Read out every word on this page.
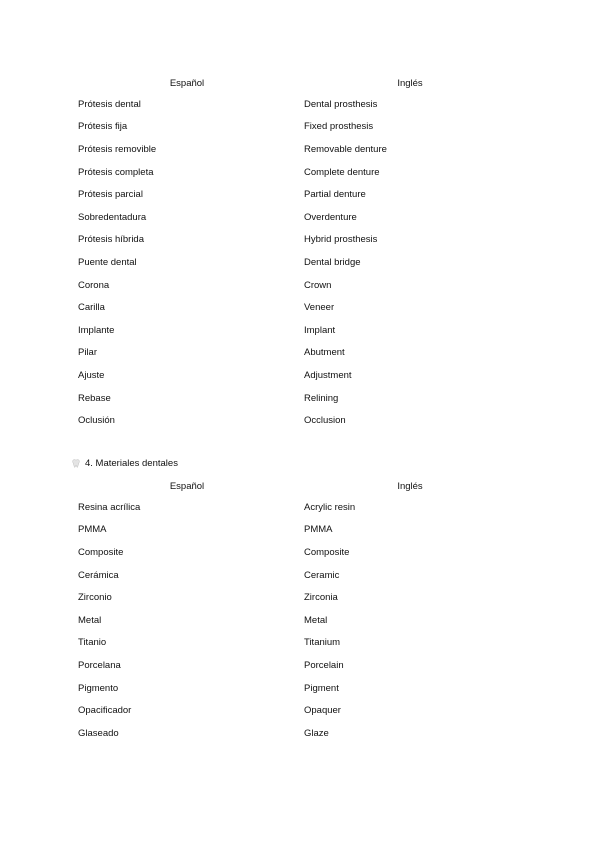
Español	Inglés
Prótesis dental	Dental prosthesis
Prótesis fija	Fixed prosthesis
Prótesis removible	Removable denture
Prótesis completa	Complete denture
Prótesis parcial	Partial denture
Sobredentadura	Overdenture
Prótesis híbrida	Hybrid prosthesis
Puente dental	Dental bridge
Corona	Crown
Carilla	Veneer
Implante	Implant
Pilar	Abutment
Ajuste	Adjustment
Rebase	Relining
Oclusión	Occlusion
4. Materiales dentales
Español	Inglés
Resina acrílica	Acrylic resin
PMMA	PMMA
Composite	Composite
Cerámica	Ceramic
Zirconio	Zirconia
Metal	Metal
Titanio	Titanium
Porcelana	Porcelain
Pigmento	Pigment
Opacificador	Opaquer
Glaseado	Glaze
